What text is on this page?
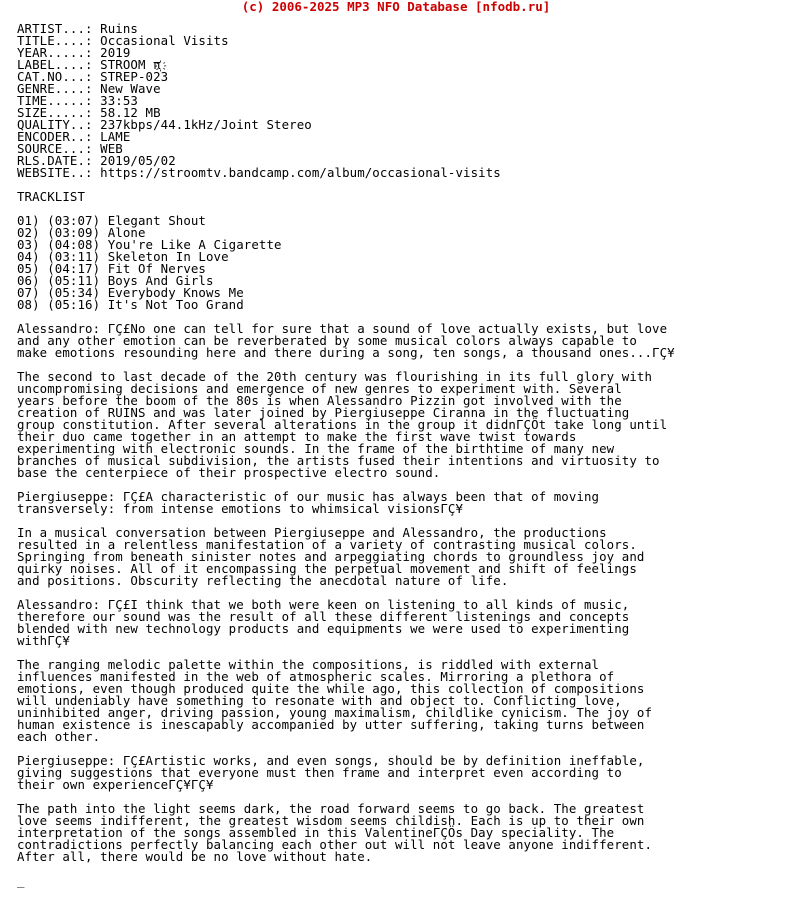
(c) 2006-2025 MP3 NFO Database [nfodb.ru]
ARTIST...: Ruins
TITLE....: Occasional Visits
YEAR.....: 2019
LABEL....: STROOM π҉
CAT.NO...: STREP-023
GENRE....: New Wave
TIME.....: 33:53
SIZE.....: 58.12 MB
QUALITY..: 237kbps/44.1kHz/Joint Stereo
ENCODER..: LAME
SOURCE...: WEB
RLS.DATE.: 2019/05/02
WEBSITE..: https://stroomtv.bandcamp.com/album/occasional-visits
TRACKLIST
01) (03:07) Elegant Shout
02) (03:09) Alone
03) (04:08) You're Like A Cigarette
04) (03:11) Skeleton In Love
05) (04:17) Fit Of Nerves
06) (05:11) Boys And Girls
07) (05:34) Everybody Knows Me
08) (05:16) It's Not Too Grand
Alessandro: ΓÇ£No one can tell for sure that a sound of love actually exists, but love
and any other emotion can be reverberated by some musical colors always capable to
make emotions resounding here and there during a song, ten songs, a thousand ones...ΓÇ¥
The second to last decade of the 20th century was flourishing in its full glory with
uncompromising decisions and emergence of new genres to experiment with. Several
years before the boom of the 80s is when Alessandro Pizzin got involved with the
creation of RUINS and was later joined by Piergiuseppe Ciranna in the fluctuating
group constitution. After several alterations in the group it didnΓÇÖt take long until
their duo came together in an attempt to make the first wave twist towards
experimenting with electronic sounds. In the frame of the birthtime of many new
branches of musical subdivision, the artists fused their intentions and virtuosity to
base the centerpiece of their prospective electro sound.
Piergiuseppe: ΓÇ£A characteristic of our music has always been that of moving
transversely: from intense emotions to whimsical visionsΓÇ¥
In a musical conversation between Piergiuseppe and Alessandro, the productions
resulted in a relentless manifestation of a variety of contrasting musical colors.
Springing from beneath sinister notes and arpeggiating chords to groundless joy and
quirky noises. All of it encompassing the perpetual movement and shift of feelings
and positions. Obscurity reflecting the anecdotal nature of life.
Alessandro: ΓÇ£I think that we both were keen on listening to all kinds of music,
therefore our sound was the result of all these different listenings and concepts
blended with new technology products and equipments we were used to experimenting
withΓÇ¥
The ranging melodic palette within the compositions, is riddled with external
influences manifested in the web of atmospheric scales. Mirroring a plethora of
emotions, even though produced quite the while ago, this collection of compositions
will undeniably have something to resonate with and object to. Conflicting love,
uninhibited anger, driving passion, young maximalism, childlike cynicism. The joy of
human existence is inescapably accompanied by utter suffering, taking turns between
each other.
Piergiuseppe: ΓÇ£Artistic works, and even songs, should be by definition ineffable,
giving suggestions that everyone must then frame and interpret even according to
their own experienceΓÇ¥ΓÇ¥
The path into the light seems dark, the road forward seems to go back. The greatest
love seems indifferent, the greatest wisdom seems childish. Each is up to their own
interpretation of the songs assembled in this ValentineΓÇÖs Day speciality. The
contradictions perfectly balancing each other out will not leave anyone indifferent.
After all, there would be no love without hate.
_
